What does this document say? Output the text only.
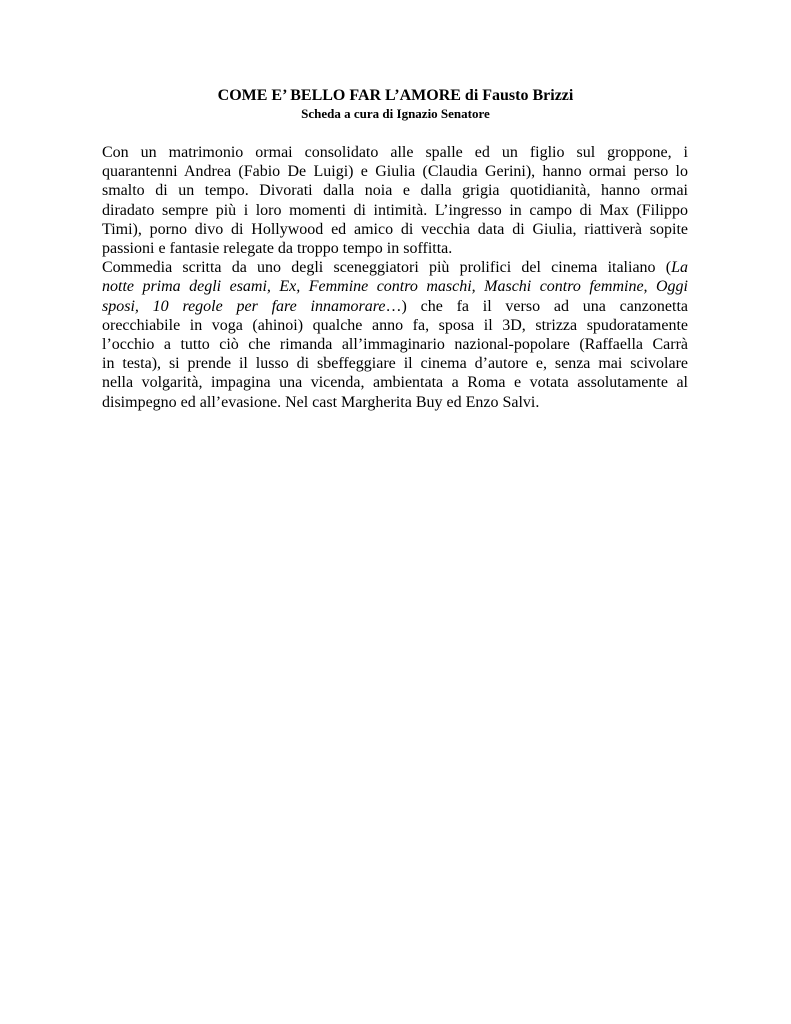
COME E’ BELLO FAR L’AMORE di Fausto Brizzi
Scheda a cura di Ignazio Senatore
Con un matrimonio ormai consolidato alle spalle ed un figlio sul groppone, i
quarantenni Andrea (Fabio De Luigi) e Giulia (Claudia Gerini), hanno ormai perso lo
smalto di un tempo. Divorati dalla noia e dalla grigia quotidianità, hanno ormai
diradato sempre più i loro momenti di intimità. L’ingresso in campo di Max (Filippo
Timi), porno divo di Hollywood ed amico di vecchia data di Giulia, riattiverà sopite
passioni e fantasie relegate da troppo tempo in soffitta.
Commedia scritta da uno degli sceneggiatori più prolifici del cinema italiano (La
notte prima degli esami, Ex, Femmine contro maschi, Maschi contro femmine, Oggi
sposi, 10 regole per fare innamorare…) che fa il verso ad una canzonetta
orecchiabile in voga (ahinoi) qualche anno fa, sposa il 3D, strizza spudoratamente
l’occhio a tutto ciò che rimanda all’immaginario nazional-popolare (Raffaella Carrà
in testa), si prende il lusso di sbeffeggiare il cinema d’autore e, senza mai scivolare
nella volgarità, impagina una vicenda, ambientata a Roma e votata assolutamente al
disimpegno ed all’evasione. Nel cast Margherita Buy ed Enzo Salvi.
